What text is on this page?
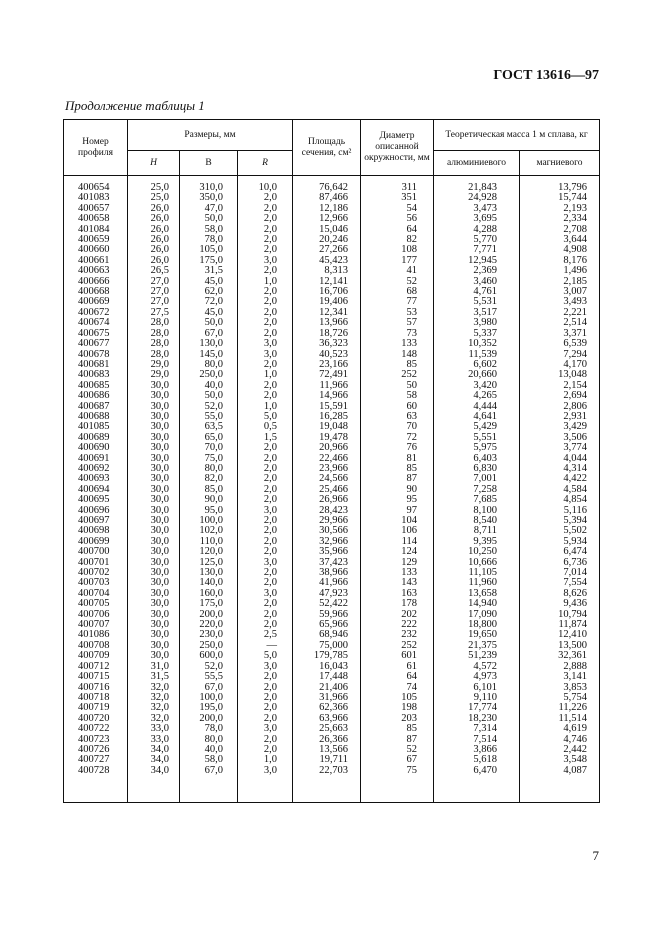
ГОСТ 13616—97
Продолжение таблицы 1
Номер профиля	Размеры, мм			Площадь сечения, см²	Диаметр описанной окружности, мм	Теоретическая масса 1 м сплава, кг	
	H	B	R			алюминиевого	магниевого

400654	25,0	310,0	10,0	76,642	311	21,843	13,796
401083	25,0	350,0	2,0	87,466	351	24,928	15,744
400657	26,0	47,0	2,0	12,186	54	3,473	2,193
400658	26,0	50,0	2,0	12,966	56	3,695	2,334
401084	26,0	58,0	2,0	15,046	64	4,288	2,708
400659	26,0	78,0	2,0	20,246	82	5,770	3,644
400660	26,0	105,0	2,0	27,266	108	7,771	4,908
400661	26,0	175,0	3,0	45,423	177	12,945	8,176
400663	26,5	31,5	2,0	8,313	41	2,369	1,496
400666	27,0	45,0	1,0	12,141	52	3,460	2,185
400668	27,0	62,0	2,0	16,706	68	4,761	3,007
400669	27,0	72,0	2,0	19,406	77	5,531	3,493
400672	27,5	45,0	2,0	12,341	53	3,517	2,221
400674	28,0	50,0	2,0	13,966	57	3,980	2,514
400675	28,0	67,0	2,0	18,726	73	5,337	3,371
400677	28,0	130,0	3,0	36,323	133	10,352	6,539
400678	28,0	145,0	3,0	40,523	148	11,539	7,294
400681	29,0	80,0	2,0	23,166	85	6,602	4,170
400683	29,0	250,0	1,0	72,491	252	20,660	13,048
400685	30,0	40,0	2,0	11,966	50	3,420	2,154
400686	30,0	50,0	2,0	14,966	58	4,265	2,694
400687	30,0	52,0	1,0	15,591	60	4,444	2,806
400688	30,0	55,0	5,0	16,285	63	4,641	2,931
401085	30,0	63,5	0,5	19,048	70	5,429	3,429
400689	30,0	65,0	1,5	19,478	72	5,551	3,506
400690	30,0	70,0	2,0	20,966	76	5,975	3,774
400691	30,0	75,0	2,0	22,466	81	6,403	4,044
400692	30,0	80,0	2,0	23,966	85	6,830	4,314
400693	30,0	82,0	2,0	24,566	87	7,001	4,422
400694	30,0	85,0	2,0	25,466	90	7,258	4,584
400695	30,0	90,0	2,0	26,966	95	7,685	4,854
400696	30,0	95,0	3,0	28,423	97	8,100	5,116
400697	30,0	100,0	2,0	29,966	104	8,540	5,394
400698	30,0	102,0	2,0	30,566	106	8,711	5,502
400699	30,0	110,0	2,0	32,966	114	9,395	5,934
400700	30,0	120,0	2,0	35,966	124	10,250	6,474
400701	30,0	125,0	3,0	37,423	129	10,666	6,736
400702	30,0	130,0	2,0	38,966	133	11,105	7,014
400703	30,0	140,0	2,0	41,966	143	11,960	7,554
400704	30,0	160,0	3,0	47,923	163	13,658	8,626
400705	30,0	175,0	2,0	52,422	178	14,940	9,436
400706	30,0	200,0	2,0	59,966	202	17,090	10,794
400707	30,0	220,0	2,0	65,966	222	18,800	11,874
401086	30,0	230,0	2,5	68,946	232	19,650	12,410
400708	30,0	250,0	—	75,000	252	21,375	13,500
400709	30,0	600,0	5,0	179,785	601	51,239	32,361
400712	31,0	52,0	3,0	16,043	61	4,572	2,888
400715	31,5	55,5	2,0	17,448	64	4,973	3,141
400716	32,0	67,0	2,0	21,406	74	6,101	3,853
400718	32,0	100,0	2,0	31,966	105	9,110	5,754
400719	32,0	195,0	2,0	62,366	198	17,774	11,226
400720	32,0	200,0	2,0	63,966	203	18,230	11,514
400722	33,0	78,0	3,0	25,663	85	7,314	4,619
400723	33,0	80,0	2,0	26,366	87	7,514	4,746
400726	34,0	40,0	2,0	13,566	52	3,866	2,442
400727	34,0	58,0	1,0	19,711	67	5,618	3,548
400728	34,0	67,0	3,0	22,703	75	6,470	4,087

7
